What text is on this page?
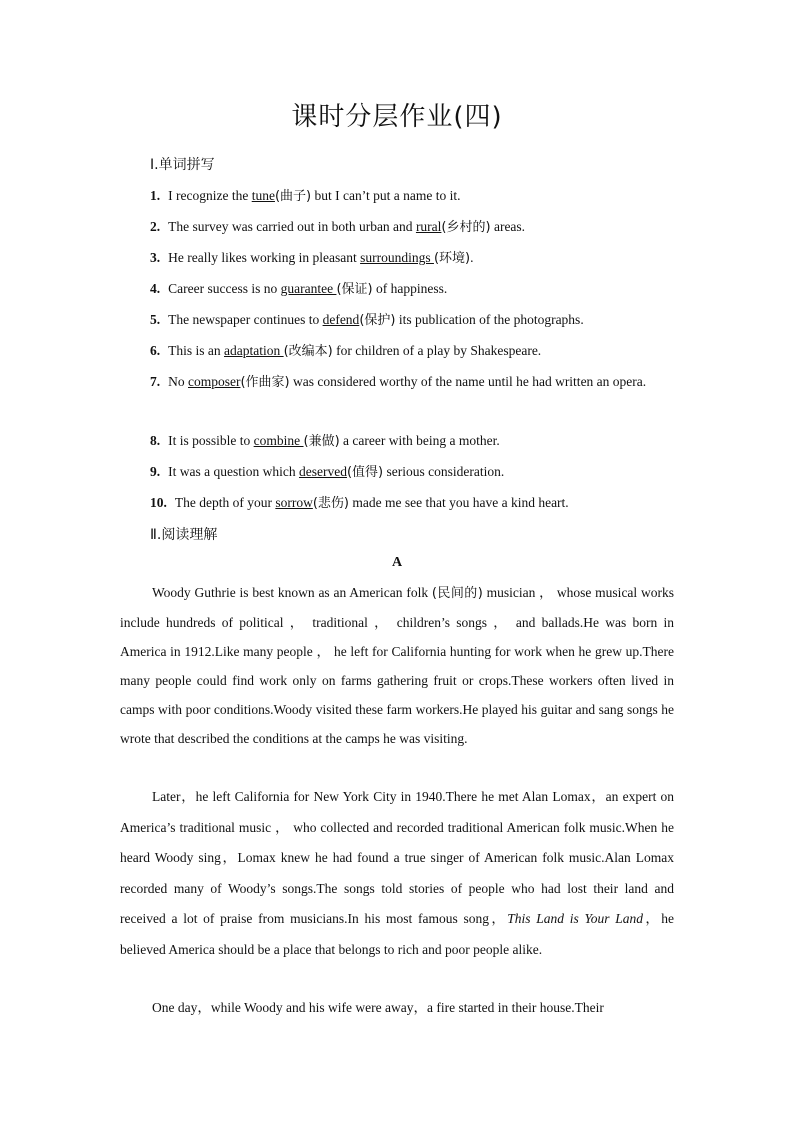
课时分层作业(四)
Ⅰ.单词拼写
1. I recognize the tune(曲子) but I can’t put a name to it.
2. The survey was carried out in both urban and rural(乡村的) areas.
3. He really likes working in pleasant surroundings (环境).
4. Career success is no guarantee (保证) of happiness.
5. The newspaper continues to defend(保护) its publication of the photographs.
6. This is an adaptation (改编本) for children of a play by Shakespeare.
7. No composer(作曲家) was considered worthy of the name until he had written an opera.
8. It is possible to combine (兼做) a career with being a mother.
9. It was a question which deserved(值得) serious consideration.
10. The depth of your sorrow(悲伤) made me see that you have a kind heart.
Ⅱ.阅读理解
A
Woody Guthrie is best known as an American folk (民间的) musician ， whose musical works include hundreds of political ， traditional ， children’s songs ， and ballads.He was born in America in 1912.Like many people ， he left for California hunting for work when he grew up.There many people could find work only on farms gathering fruit or crops.These workers often lived in camps with poor conditions.Woody visited these farm workers.He played his guitar and sang songs he wrote that described the conditions at the camps he was visiting.
Later，he left California for New York City in 1940.There he met Alan Lomax，an expert on America’s traditional music ， who collected and recorded traditional American folk music.When he heard Woody sing，Lomax knew he had found a true singer of American folk music.Alan Lomax recorded many of Woody’s songs.The songs told stories of people who had lost their land and received a lot of praise from musicians.In his most famous song，This Land is Your Land，he believed America should be a place that belongs to rich and poor people alike.
One day，while Woody and his wife were away，a fire started in their house.Their
